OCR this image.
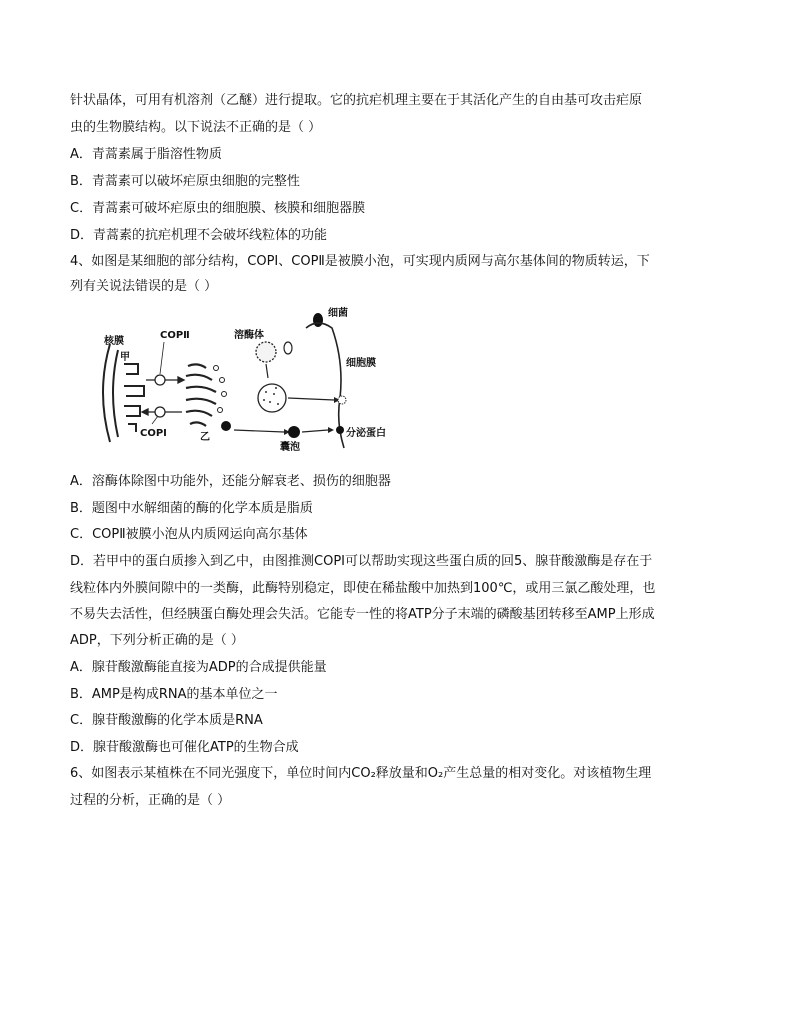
针状晶体，可用有机溶剂（乙醚）进行提取。它的抗疟机理主要在于其活化产生的自由基可攻击疟原
虫的生物膜结构。以下说法不正确的是（ ）
A．青蒿素属于脂溶性物质
B．青蒿素可以破坏疟原虫细胞的完整性
C．青蒿素可破坏疟原虫的细胞膜、核膜和细胞器膜
D．青蒿素的抗疟机理不会破坏线粒体的功能
4、如图是某细胞的部分结构，COPⅠ、COPⅡ是被膜小泡，可实现内质网与高尔基体间的物质转运，下
列有关说法错误的是（ ）
核膜
甲
COPⅡ
COPⅠ	乙
溶酶体
细菌
细胞膜
囊泡
分泌蛋白
A．溶酶体除图中功能外，还能分解衰老、损伤的细胞器
B．题图中水解细菌的酶的化学本质是脂质
C．COPⅡ被膜小泡从内质网运向高尔基体
D．若甲中的蛋白质掺入到乙中，由图推测COPⅠ可以帮助实现这些蛋白质的回5、腺苷酸激酶是存在于
线粒体内外膜间隙中的一类酶，此酶特别稳定，即使在稀盐酸中加热到100℃，或用三氯乙酸处理，也
不易失去活性，但经胰蛋白酶处理会失活。它能专一性的将ATP分子末端的磷酸基团转移至AMP上形成
ADP，下列分析正确的是（ ）
A．腺苷酸激酶能直接为ADP的合成提供能量
B．AMP是构成RNA的基本单位之一
C．腺苷酸激酶的化学本质是RNA
D．腺苷酸激酶也可催化ATP的生物合成
6、如图表示某植株在不同光强度下，单位时间内CO₂释放量和O₂产生总量的相对变化。对该植物生理
过程的分析，正确的是（ ）
